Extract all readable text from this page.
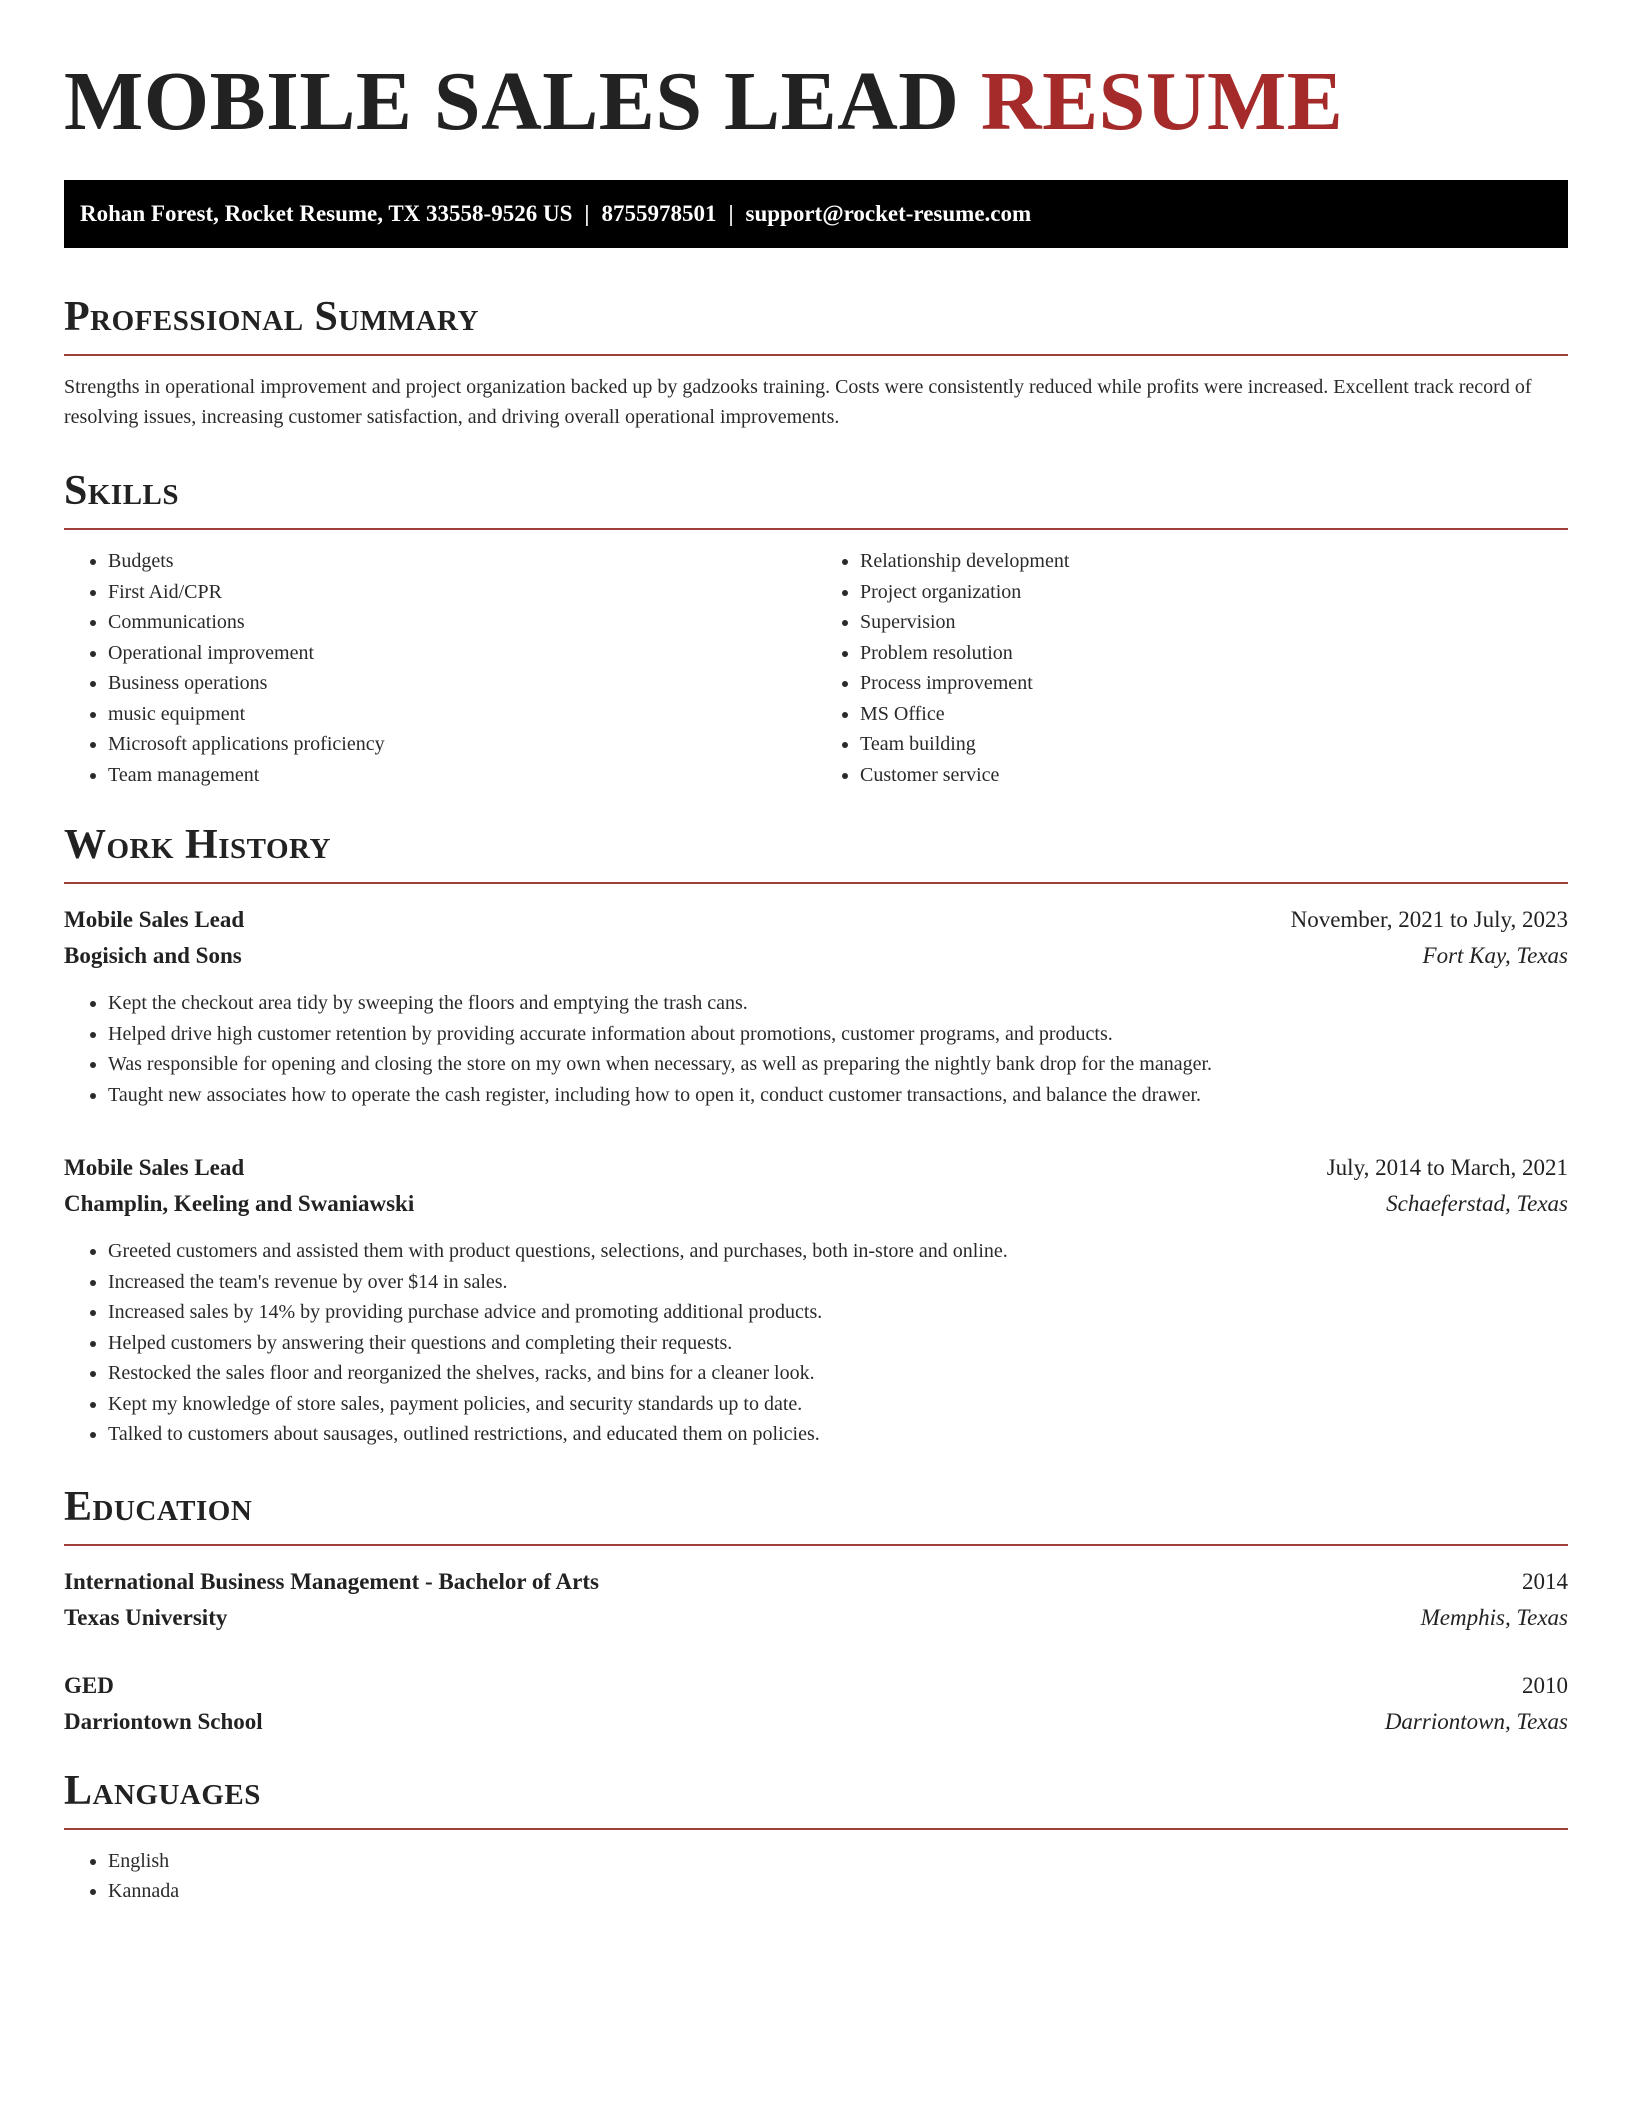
MOBILE SALES LEAD RESUME
Rohan Forest, Rocket Resume, TX 33558-9526 US | 8755978501 | support@rocket-resume.com
Professional Summary

Strengths in operational improvement and project organization backed up by gadzooks training. Costs were consistently reduced while profits were increased. Excellent track record of resolving issues, increasing customer satisfaction, and driving overall operational improvements.

Skills
• Budgets
• First Aid/CPR
• Communications
• Operational improvement
• Business operations
• music equipment
• Microsoft applications proficiency
• Team management
• Relationship development
• Project organization
• Supervision
• Problem resolution
• Process improvement
• MS Office
• Team building
• Customer service
Work History
Mobile Sales Lead	November, 2021 to July, 2023
Bogisich and Sons	Fort Kay, Texas
• Kept the checkout area tidy by sweeping the floors and emptying the trash cans.
• Helped drive high customer retention by providing accurate information about promotions, customer programs, and products.
• Was responsible for opening and closing the store on my own when necessary, as well as preparing the nightly bank drop for the manager.
• Taught new associates how to operate the cash register, including how to open it, conduct customer transactions, and balance the drawer.
Mobile Sales Lead	July, 2014 to March, 2021
Champlin, Keeling and Swaniawski	Schaeferstad, Texas
• Greeted customers and assisted them with product questions, selections, and purchases, both in-store and online.
• Increased the team's revenue by over $14 in sales.
• Increased sales by 14% by providing purchase advice and promoting additional products.
• Helped customers by answering their questions and completing their requests.
• Restocked the sales floor and reorganized the shelves, racks, and bins for a cleaner look.
• Kept my knowledge of store sales, payment policies, and security standards up to date.
• Talked to customers about sausages, outlined restrictions, and educated them on policies.
Education
International Business Management - Bachelor of Arts	2014
Texas University	Memphis, Texas
GED	2010
Darriontown School	Darriontown, Texas
Languages
• English
• Kannada
